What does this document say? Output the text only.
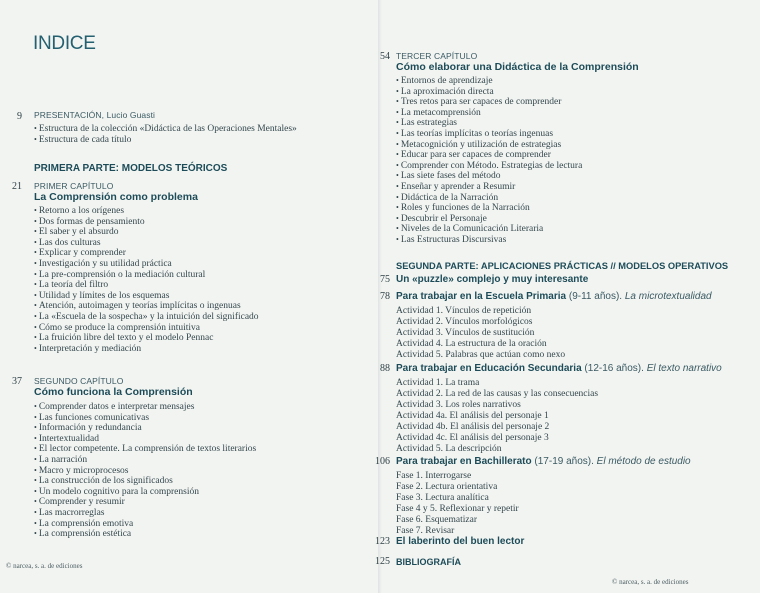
INDICE
9 PRESENTACIÓN, Lucio Guasti
• Estructura de la colección «Didáctica de las Operaciones Mentales»
• Estructura de cada título
PRIMERA PARTE: MODELOS TEÓRICOS
21 PRIMER CAPÍTULO
La Comprensión como problema
• Retorno a los orígenes
• Dos formas de pensamiento
• El saber y el absurdo
• Las dos culturas
• Explicar y comprender
• Investigación y su utilidad práctica
• La pre-comprensión o la mediación cultural
• La teoría del filtro
• Utilidad y límites de los esquemas
• Atención, autoimagen y teorías implícitas o ingenuas
• La «Escuela de la sospecha» y la intuición del significado
• Cómo se produce la comprensión intuitiva
• La fruición libre del texto y el modelo Pennac
• Interpretación y mediación
37 SEGUNDO CAPÍTULO
Cómo funciona la Comprensión
• Comprender datos e interpretar mensajes
• Las funciones comunicativas
• Información y redundancia
• Intertextualidad
• El lector competente. La comprensión de textos literarios
• La narración
• Macro y microprocesos
• La construcción de los significados
• Un modelo cognitivo para la comprensión
• Comprender y resumir
• Las macrorreglas
• La comprensión emotiva
• La comprensión estética
© narcea, s. a. de ediciones
54 TERCER CAPÍTULO
Cómo elaborar una Didáctica de la Comprensión
• Entornos de aprendizaje
• La aproximación directa
• Tres retos para ser capaces de comprender
• La metacomprensión
• Las estrategias
• Las teorías implícitas o teorías ingenuas
• Metacognición y utilización de estrategias
• Educar para ser capaces de comprender
• Comprender con Método. Estrategias de lectura
• Las siete fases del método
• Enseñar y aprender a Resumir
• Didáctica de la Narración
• Roles y funciones de la Narración
• Descubrir el Personaje
• Niveles de la Comunicación Literaria
• Las Estructuras Discursivas
SEGUNDA PARTE: APLICACIONES PRÁCTICAS // MODELOS OPERATIVOS
75 Un «puzzle» complejo y muy interesante
78 Para trabajar en la Escuela Primaria (9-11 años). La microtextualidad
Actividad 1. Vínculos de repetición
Actividad 2. Vínculos morfológicos
Actividad 3. Vínculos de sustitución
Actividad 4. La estructura de la oración
Actividad 5. Palabras que actúan como nexo
88 Para trabajar en Educación Secundaria (12-16 años). El texto narrativo
Actividad 1. La trama
Actividad 2. La red de las causas y las consecuencias
Actividad 3. Los roles narrativos
Actividad 4a. El análisis del personaje 1
Actividad 4b. El análisis del personaje 2
Actividad 4c. El análisis del personaje 3
Actividad 5. La descripción
106 Para trabajar en Bachillerato (17-19 años). El método de estudio
Fase 1. Interrogarse
Fase 2. Lectura orientativa
Fase 3. Lectura analítica
Fase 4 y 5. Reflexionar y repetir
Fase 6. Esquematizar
Fase 7. Revisar
123 El laberinto del buen lector
125 BIBLIOGRAFÍA
© narcea, s. a. de ediciones
